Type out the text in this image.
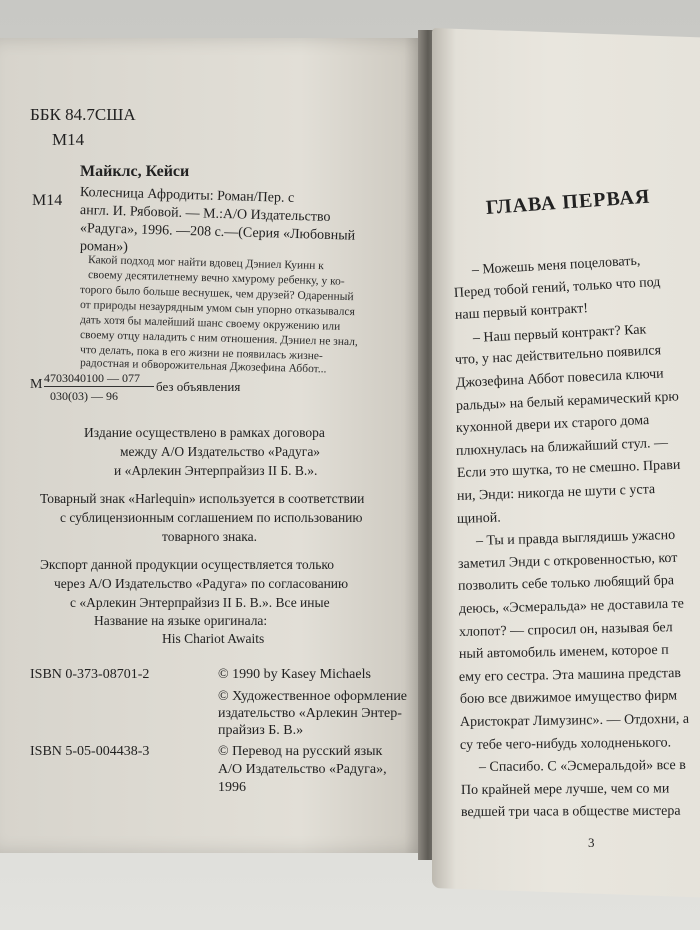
ББК 84.7США
М14
Майклс, Кейси
М14 Колесница Афродиты: Роман/Пер. с
англ. И. Рябовой. — М.:А/О Издательство
«Радуга», 1996. —208 с.—(Серия «Любовный
роман»)
Какой подход мог найти вдовец Дэниел Куинн к
своему десятилетнему вечно хмурому ребенку, у ко-
торого было больше веснушек, чем друзей? Одаренный
от природы незаурядным умом сын упорно отказывался
дать хотя бы малейший шанс своему окружению или
своему отцу наладить с ним отношения. Дэниел не знал,
М 4703040100 — 077
030(03) — 96
без объявления
Издание осуществлено в рамках договора
между А/О Издательство «Радуга»
и «Арлекин Энтерпрайзиз II Б. В.».
Товарный знак «Harlequin» используется в соответствии
с сублицензионным соглашением по использованию
товарного знака.
Экспорт данной продукции осуществляется только
через А/О Издательство «Радуга» по согласованию
с «Арлекин Энтерпрайзиз II Б. В.». Все иные
Название на языке оригинала:
His Chariot Awaits
ISBN 0-373-08701-2	© 1990 by Kasey Michaels
© Художественное оформление
издательство «Арлекин Энтер-
прайзиз Б. В.»
ISBN 5-05-004438-3	© Перевод на русский язык
А/О Издательство «Радуга»,
1996
ГЛАВА ПЕРВАЯ
– Можешь меня поцеловать,
Перед тобой гений, только что под
наш первый контракт!
– Наш первый контракт? Как
что, у нас действительно появился
Джозефина Аббот повесила ключи
ральды» на белый керамический крю
кухонной двери их старого дома
плюхнулась на ближайший стул. —
Если это шутка, то не смешно. Прави
ни, Энди: никогда не шути с уста
щиной.
– Ты и правда выглядишь ужасно
заметил Энди с откровенностью, кот
позволить себе только любящий бра
деюсь, «Эсмеральда» не доставила те
хлопот? — спросил он, называя бел
ный автомобиль именем, которое п
ему его сестра. Эта машина представ
бою все движимое имущество фирм
Аристократ Лимузинс». — Отдохни, а
су тебе чего-нибудь холодненького.
– Спасибо. С «Эсмеральдой» все в
По крайней мере лучше, чем со ми
ведшей три часа в обществе мистера
3
что делать, пока в его жизни не появилась жизне-
радостная и обворожительная Джозефина Аббот...
